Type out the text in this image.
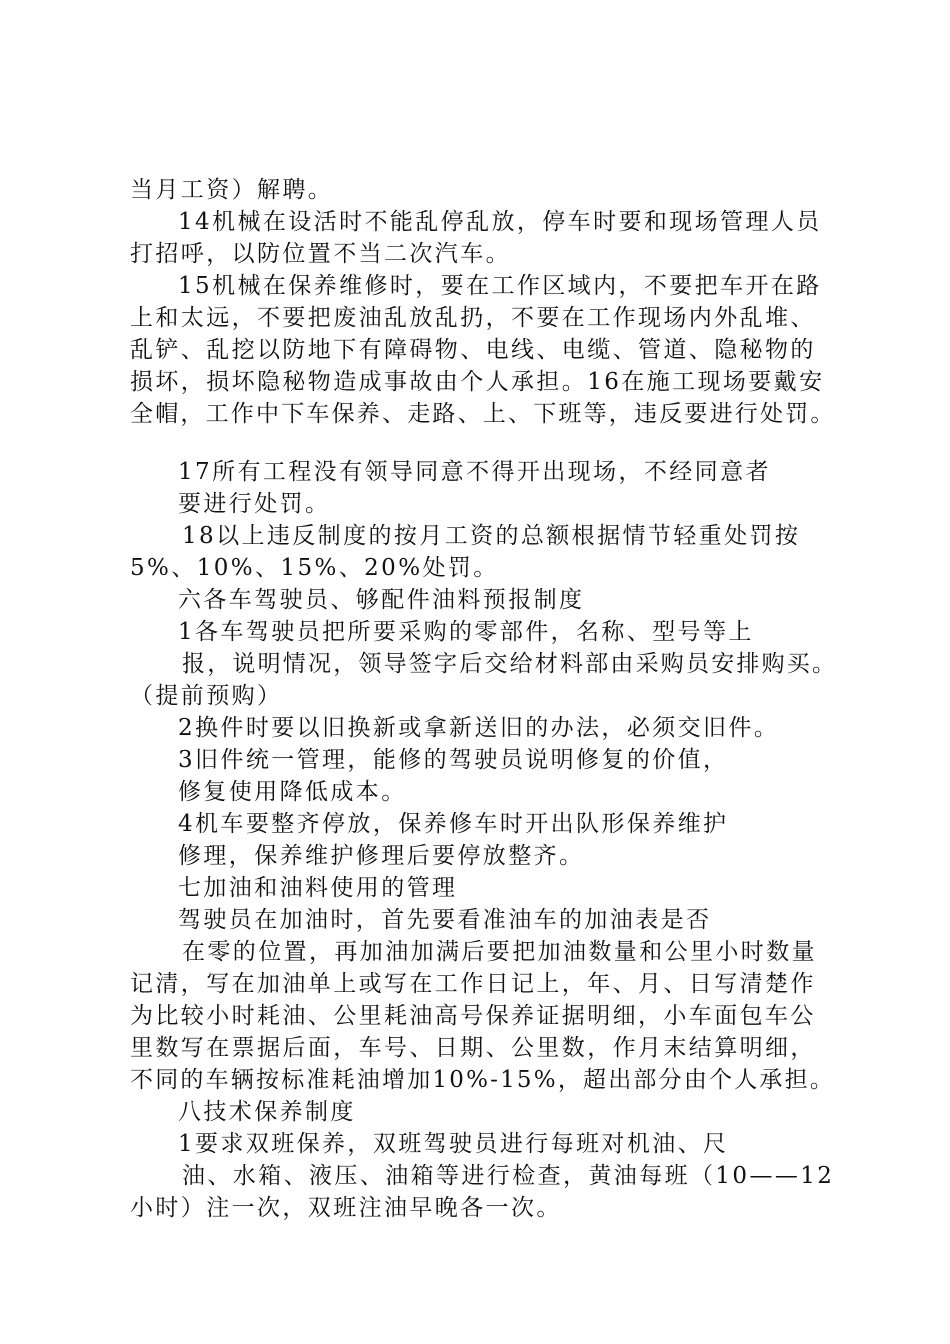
当月工资）解聘。
14机械在设活时不能乱停乱放，停车时要和现场管理人员
打招呼，以防位置不当二次汽车。
15机械在保养维修时，要在工作区域内，不要把车开在路
上和太远，不要把废油乱放乱扔，不要在工作现场内外乱堆、
乱铲、乱挖以防地下有障碍物、电线、电缆、管道、隐秘物的
损坏，损坏隐秘物造成事故由个人承担。16在施工现场要戴安
全帽，工作中下车保养、走路、上、下班等，违反要进行处罚。
17所有工程没有领导同意不得开出现场，不经同意者
要进行处罚。
18以上违反制度的按月工资的总额根据情节轻重处罚按
5%、10%、15%、20%处罚。
六各车驾驶员、够配件油料预报制度
1各车驾驶员把所要采购的零部件，名称、型号等上
报，说明情况，领导签字后交给材料部由采购员安排购买。
（提前预购）
2换件时要以旧换新或拿新送旧的办法，必须交旧件。
3旧件统一管理，能修的驾驶员说明修复的价值，
修复使用降低成本。
4机车要整齐停放，保养修车时开出队形保养维护
修理，保养维护修理后要停放整齐。
七加油和油料使用的管理
驾驶员在加油时，首先要看准油车的加油表是否
在零的位置，再加油加满后要把加油数量和公里小时数量
记清，写在加油单上或写在工作日记上，年、月、日写清楚作
为比较小时耗油、公里耗油高号保养证据明细，小车面包车公
里数写在票据后面，车号、日期、公里数，作月末结算明细，
不同的车辆按标准耗油增加10%-15%，超出部分由个人承担。
八技术保养制度
1要求双班保养，双班驾驶员进行每班对机油、尺
油、水箱、液压、油箱等进行检查，黄油每班（10——12
小时）注一次，双班注油早晚各一次。
